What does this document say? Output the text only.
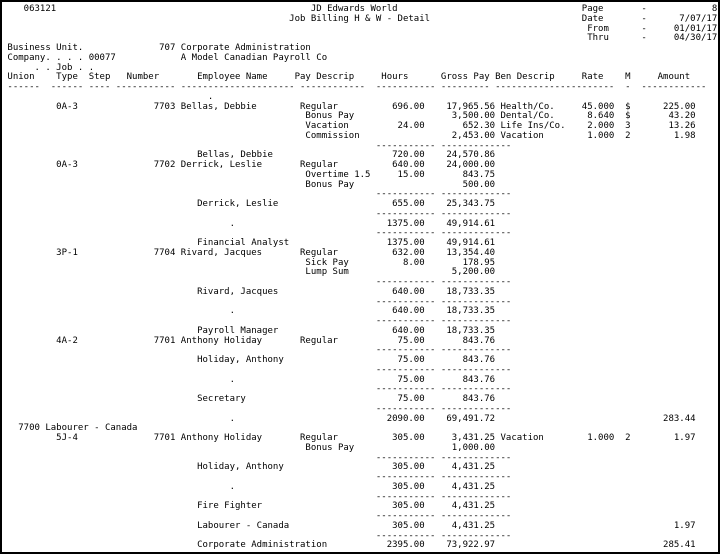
063121                                               JD Edwards World                                  Page       -            8
Job Billing H & W - Detail                            Date       -      7/07/17
From      -     01/01/17
Thru      -     04/30/17
Business Unit.              707 Corporate Administration
Company. . . . 00077            A Model Canadian Payroll Co
. . Job . .
Union    Type  Step   Number       Employee Name     Pay Descrip     Hours      Gross Pay Ben Descrip     Rate    M     Amount
------  ------ ---- ----------- --------------------- ------------  ----------- --------- ----------------------  -  ------------
.
0A-3              7703 Bellas, Debbie        Regular          696.00    17,965.56 Health/Co.     45.000  $      225.00
Bonus Pay                  3,500.00 Dental/Co.      8.640  $       43.20
Vacation         24.00       652.30 Life Ins/Co.    2.000  3       13.26
Commission                 2,453.00 Vacation        1.000  2        1.98
----------- -------------
Bellas, Debbie                      720.00    24,570.86
0A-3              7702 Derrick, Leslie       Regular          640.00    24,000.00
Overtime 1.5     15.00       843.75
Bonus Pay                    500.00
----------- -------------
Derrick, Leslie                     655.00    25,343.75
----------- -------------
.                            1375.00    49,914.61
----------- -------------
Financial Analyst                  1375.00    49,914.61
3P-1              7704 Rivard, Jacques       Regular          632.00    13,354.40
Sick Pay          8.00       178.95
Lump Sum                   5,200.00
----------- -------------
Rivard, Jacques                     640.00    18,733.35
----------- -------------
.                             640.00    18,733.35
----------- -------------
Payroll Manager                     640.00    18,733.35
4A-2              7701 Anthony Holiday       Regular           75.00       843.76
----------- -------------
Holiday, Anthony                     75.00       843.76
----------- -------------
.                              75.00       843.76
----------- -------------
Secretary                            75.00       843.76
----------- -------------
.                            2090.00    69,491.72                               283.44
7700 Labourer - Canada
5J-4              7701 Anthony Holiday       Regular          305.00     3,431.25 Vacation        1.000  2        1.97
Bonus Pay                  1,000.00
----------- -------------
Holiday, Anthony                    305.00     4,431.25
----------- -------------
.                             305.00     4,431.25
----------- -------------
Fire Fighter                        305.00     4,431.25
----------- -------------
Labourer - Canada                   305.00     4,431.25                                 1.97
----------- -------------
Corporate Administration           2395.00    73,922.97                               285.41
